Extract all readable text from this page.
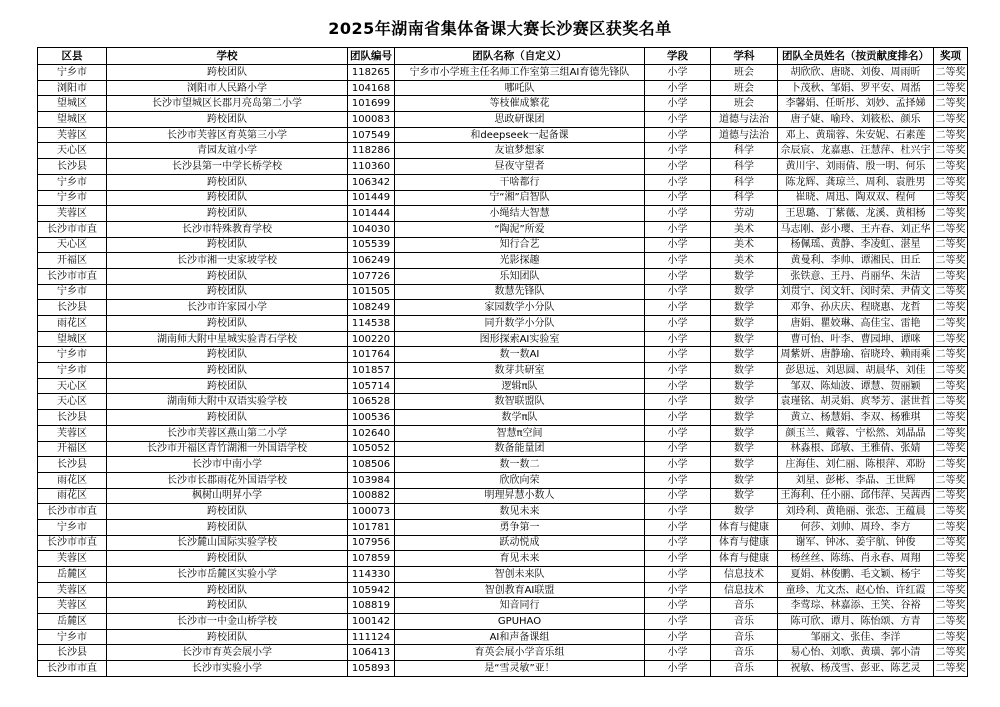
2025年湖南省集体备课大赛长沙赛区获奖名单
区县	学校	团队编号	团队名称（自定义）	学段	学科	团队全员姓名（按贡献度排名）	奖项
宁乡市	跨校团队	118265	宁乡市小学班主任名师工作室第三组AI育德先锋队	小学	班会	胡欣欣、唐晓、刘俊、周雨昕	二等奖
浏阳市	浏阳市人民路小学	104168	哪吒队	小学	班会	卜茂秋、邹娟、罗平安、周湉	二等奖
望城区	长沙市望城区长郡月亮岛第二小学	101699	等枝催成繁花	小学	班会	李馨娟、任昕彤、刘妙、孟择娣	二等奖
望城区	跨校团队	100083	思政研课团	小学	道德与法治	唐子婕、喻玲、刘筱松、颜乐	二等奖
芙蓉区	长沙市芙蓉区育英第三小学	107549	和deepseek一起备课	小学	道德与法治	邓上、黄瑞蓉、朱安妮、石素莲	二等奖
天心区	青园友谊小学	118286	友谊梦想家	小学	科学	佘辰宸、龙嘉惠、汪慧萍、杜兴宇	二等奖
长沙县	长沙县第一中学长桥学校	110360	昼夜守望者	小学	科学	黄川宇、刘雨倩、殷一明、何乐	二等奖
宁乡市	跨校团队	106342	干啥都行	小学	科学	陈龙辉、龚琼兰、周利、袁胜男	二等奖
宁乡市	跨校团队	101449	宁“湘”启智队	小学	科学	崔晓、周迅、陶双双、程何	二等奖
芙蓉区	跨校团队	101444	小绳结大智慧	小学	劳动	王思璐、丁紫薇、龙溪、黄相杨	二等奖
长沙市市直	长沙市特殊教育学校	104030	“陶泥”所爱	小学	美术	马志刚、彭小璎、王卉春、刘正华	二等奖
天心区	跨校团队	105539	知行合艺	小学	美术	杨佩瑶、黄静、李凌虹、湛星	二等奖
开福区	长沙市湘一史家坡学校	106249	光影探趣	小学	美术	黄曼利、李帅、谭湘民、田丘	二等奖
长沙市市直	跨校团队	107726	乐知团队	小学	数学	张铁意、王丹、肖丽华、朱洁	二等奖
宁乡市	跨校团队	101505	数慧先锋队	小学	数学	刘贯宁、闵文轩、闵时荣、尹倩文	二等奖
长沙县	长沙市许家园小学	108249	家园数学小分队	小学	数学	邓争、孙庆庆、程晓惠、龙哲	二等奖
雨花区	跨校团队	114538	同升数学小分队	小学	数学	唐娟、瞿姣琳、高佳宝、雷艳	二等奖
望城区	湖南师大附中星城实验青石学校	100220	图形探索AI实验室	小学	数学	曹可怡、叶李、曹园坤、谭咪	二等奖
宁乡市	跨校团队	101764	数一数AI	小学	数学	周紫妍、唐静瑜、宿晓玲、赖雨乘	二等奖
宁乡市	跨校团队	101857	数芽共研室	小学	数学	彭思远、刘思圆、胡晨华、刘佳	二等奖
天心区	跨校团队	105714	逻辑π队	小学	数学	邹双、陈灿波、谭慧、贺丽颖	二等奖
天心区	湖南师大附中双语实验学校	106528	数智联盟队	小学	数学	袁瑾铭、胡灵娟、庹琴芳、湛世哲	二等奖
长沙县	跨校团队	100536	数学π队	小学	数学	黄立、杨慧娟、李双、杨雅琪	二等奖
芙蓉区	长沙市芙蓉区燕山第二小学	102640	智慧π空间	小学	数学	颜玉兰、戴蓉、宁松然、刘晶晶	二等奖
开福区	长沙市开福区青竹湖湘一外国语学校	105052	数备能量团	小学	数学	林淼根、邱敏、王雅倩、张婧	二等奖
长沙县	长沙市中南小学	108506	数一数二	小学	数学	庄海佳、刘仁丽、陈根萍、邓盼	二等奖
雨花区	长沙市长郡雨花外国语学校	103984	欣欣向荣	小学	数学	刘星、彭彬、李晶、王世辉	二等奖
雨花区	枫树山明昇小学	100882	明理昇慧小数人	小学	数学	王海利、任小丽、邱伟萍、吴茜西	二等奖
长沙市市直	跨校团队	100073	数见未来	小学	数学	刘玲利、黄艳丽、张恋、王蕴晨	二等奖
宁乡市	跨校团队	101781	勇争第一	小学	体育与健康	何莎、刘帅、周玲、李方	二等奖
长沙市市直	长沙麓山国际实验学校	107956	跃动悦成	小学	体育与健康	谢军、钟冰、姜宇航、钟俊	二等奖
芙蓉区	跨校团队	107859	育见未来	小学	体育与健康	杨丝丝、陈练、肖永春、周翔	二等奖
岳麓区	长沙市岳麓区实验小学	114330	智创未来队	小学	信息技术	夏娟、林俊鹏、毛文颖、杨宇	二等奖
芙蓉区	跨校团队	105942	智创教育AI联盟	小学	信息技术	童珍、尤文杰、赵心怡、许红霞	二等奖
芙蓉区	跨校团队	108819	知音同行	小学	音乐	李莺琮、林嘉添、王笑、谷裕	二等奖
岳麓区	长沙市一中金山桥学校	100142	GPUHAO	小学	音乐	陈可欣、谭月、陈怡颂、方青	二等奖
宁乡市	跨校团队	111124	AI和声备课组	小学	音乐	邹丽文、张佳、李洋	二等奖
长沙县	长沙市育英会展小学	106413	育英会展小学音乐组	小学	音乐	易心怡、刘歌、黄璜、郭小清	二等奖
长沙市市直	长沙市实验小学	105893	是“雪灵敏”亚！	小学	音乐	祝敏、杨茂雪、彭亚、陈艺灵	二等奖
